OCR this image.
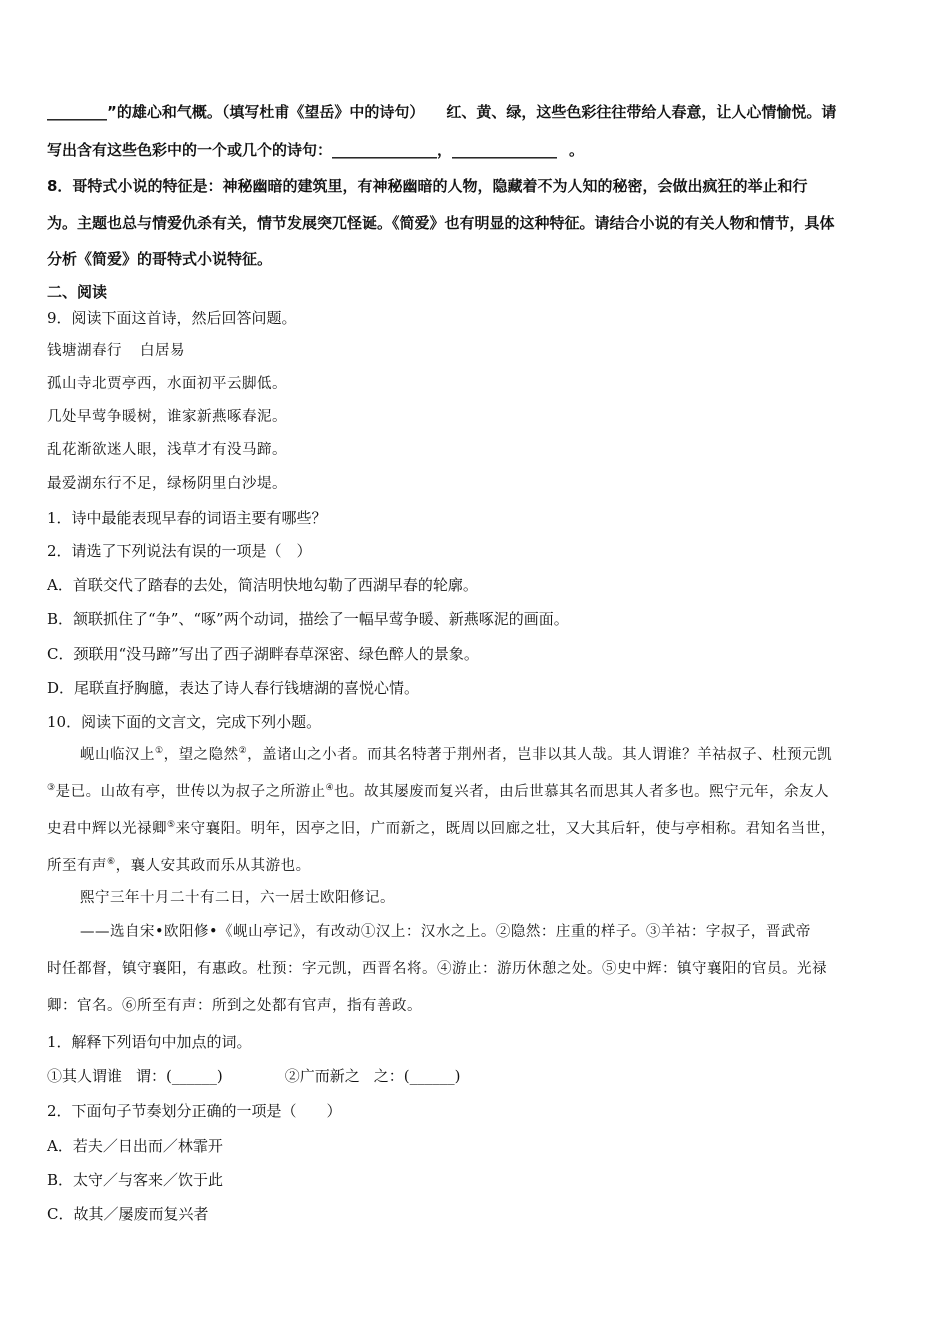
________”的雄心和气概。（填写杜甫《望岳》中的诗句） 红、黄、绿，这些色彩往往带给人春意，让人心情愉悦。请
写出含有这些色彩中的一个或几个的诗句：______________，______________ 。
8．哥特式小说的特征是：神秘幽暗的建筑里，有神秘幽暗的人物，隐藏着不为人知的秘密，会做出疯狂的举止和行
为。主题也总与情爱仇杀有关，情节发展突兀怪诞。《简爱》也有明显的这种特征。请结合小说的有关人物和情节，具体
分析《简爱》的哥特式小说特征。
二、阅读
9．阅读下面这首诗，然后回答问题。
钱塘湖春行 白居易
孤山寺北贾亭西，水面初平云脚低。
几处早莺争暖树，谁家新燕啄春泥。
乱花渐欲迷人眼，浅草才有没马蹄。
最爱湖东行不足，绿杨阴里白沙堤。
1．诗中最能表现早春的词语主要有哪些？
2．请选了下列说法有误的一项是（　）
A．首联交代了踏春的去处，简洁明快地勾勒了西湖早春的轮廓。
B．颔联抓住了“争”、“啄”两个动词，描绘了一幅早莺争暖、新燕啄泥的画面。
C．颈联用“没马蹄”写出了西子湖畔春草深密、绿色醉人的景象。
D．尾联直抒胸臆，表达了诗人春行钱塘湖的喜悦心情。
10．阅读下面的文言文，完成下列小题。
岘山临汉上①，望之隐然②，盖诸山之小者。而其名特著于荆州者，岂非以其人哉。其人谓谁？羊祜叔子、杜预元凯
③是已。山故有亭，世传以为叔子之所游止④也。故其屡废而复兴者，由后世慕其名而思其人者多也。熙宁元年，余友人
史君中辉以光禄卿⑤来守襄阳。明年，因亭之旧，广而新之，既周以回廊之壮，又大其后轩，使与亭相称。君知名当世，
所至有声⑥，襄人安其政而乐从其游也。
熙宁三年十月二十有二日，六一居士欧阳修记。
——选自宋•欧阳修•《岘山亭记》，有改动①汉上：汉水之上。②隐然：庄重的样子。③羊祜：字叔子，晋武帝
时任都督，镇守襄阳，有惠政。杜预：字元凯，西晋名将。④游止：游历休憩之处。⑤史中辉：镇守襄阳的官员。光禄
卿：官名。⑥所至有声：所到之处都有官声，指有善政。
1．解释下列语句中加点的词。
①其人谓谁 谓：(______)	②广而新之 之：(______)
2．下面句子节奏划分正确的一项是（　　）
A．若夫／日出而／林霏开
B．太守／与客来／饮于此
C．故其／屡废而复兴者
